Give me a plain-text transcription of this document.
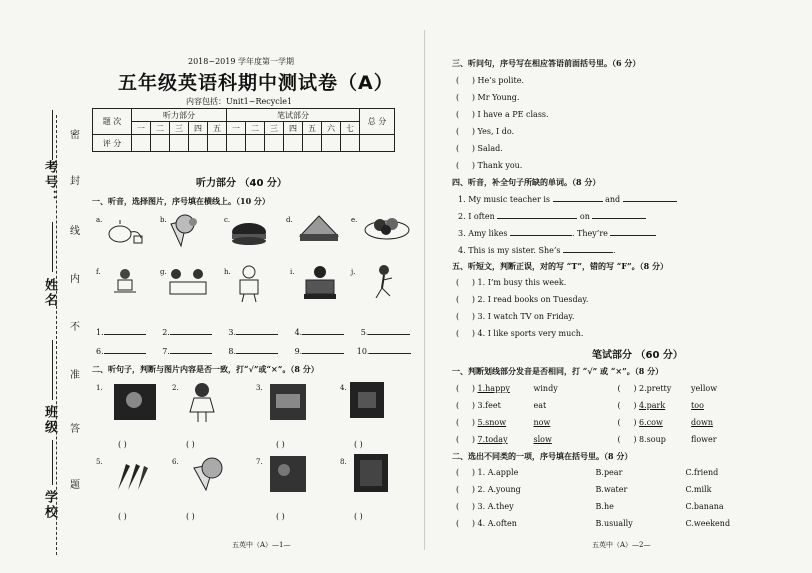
考号：
姓名
班级
学校
密
封
线
内
不
准
答
题
2018~2019 学年度第一学期
五年级英语科期中测试卷（A）
内容包括：Unit1~Recycle1
题 次	听力部分					笔试部分							总 分
	一	二	三	四	五	一	二	三	四	五	六	七	
评 分													
听力部分 （40 分）
一、听音，选择图片，序号填在横线上。（10 分）
a.	b.	c.	d.	e.
f.	g.	h.	i.	j.
1.	2.	3.	4.	5.
6.	7.	8.	9.	10.
二、听句子，判断与图片内容是否一致，打“√”或“×”。（8 分）
1.	2.	3.	4.
( )	( )	( )	( )
5.	6.	7.	8.
( )	( )	( )	( )
五英中（A）—1—
三、听问句，序号写在相应答语前面括号里。（6 分）
(     ) He’s polite.
(     ) Mr Young.
(     ) I have a PE class.
(     ) Yes, I do.
(     ) Salad.
(     ) Thank you.
四、听音，补全句子所缺的单词。（8 分）
1. My music teacher is	and
2. I often	on
3. Amy likes	. They’re
4. This is my sister. She’s	.
五、听短文，判断正误，对的写 “T”，错的写 “F”。（8 分）
(     ) 1. I’m busy this week.
(     ) 2. I read books on Tuesday.
(     ) 3. I watch TV on Friday.
(     ) 4. I like sports very much.
笔试部分 （60 分）
一、判断划线部分发音是否相同，打 “√” 或 “×”。（8 分）
(     ) 1.happy	windy	(     ) 2.pretty yellow
(     ) 3.feet	eat	(     ) 4.park	too
(     ) 5.snow	now	(     ) 6.cow	down
(     ) 7.today	slow	(     ) 8.soup	flower
二、选出不同类的一项，序号填在括号里。（8 分）
(     ) 1. A.apple	B.pear	C.friend
(     ) 2. A.young	B.water	C.milk
(     ) 3. A.they	B.he	C.banana
(     ) 4. A.often	B.usually	C.weekend
五英中（A）—2—
